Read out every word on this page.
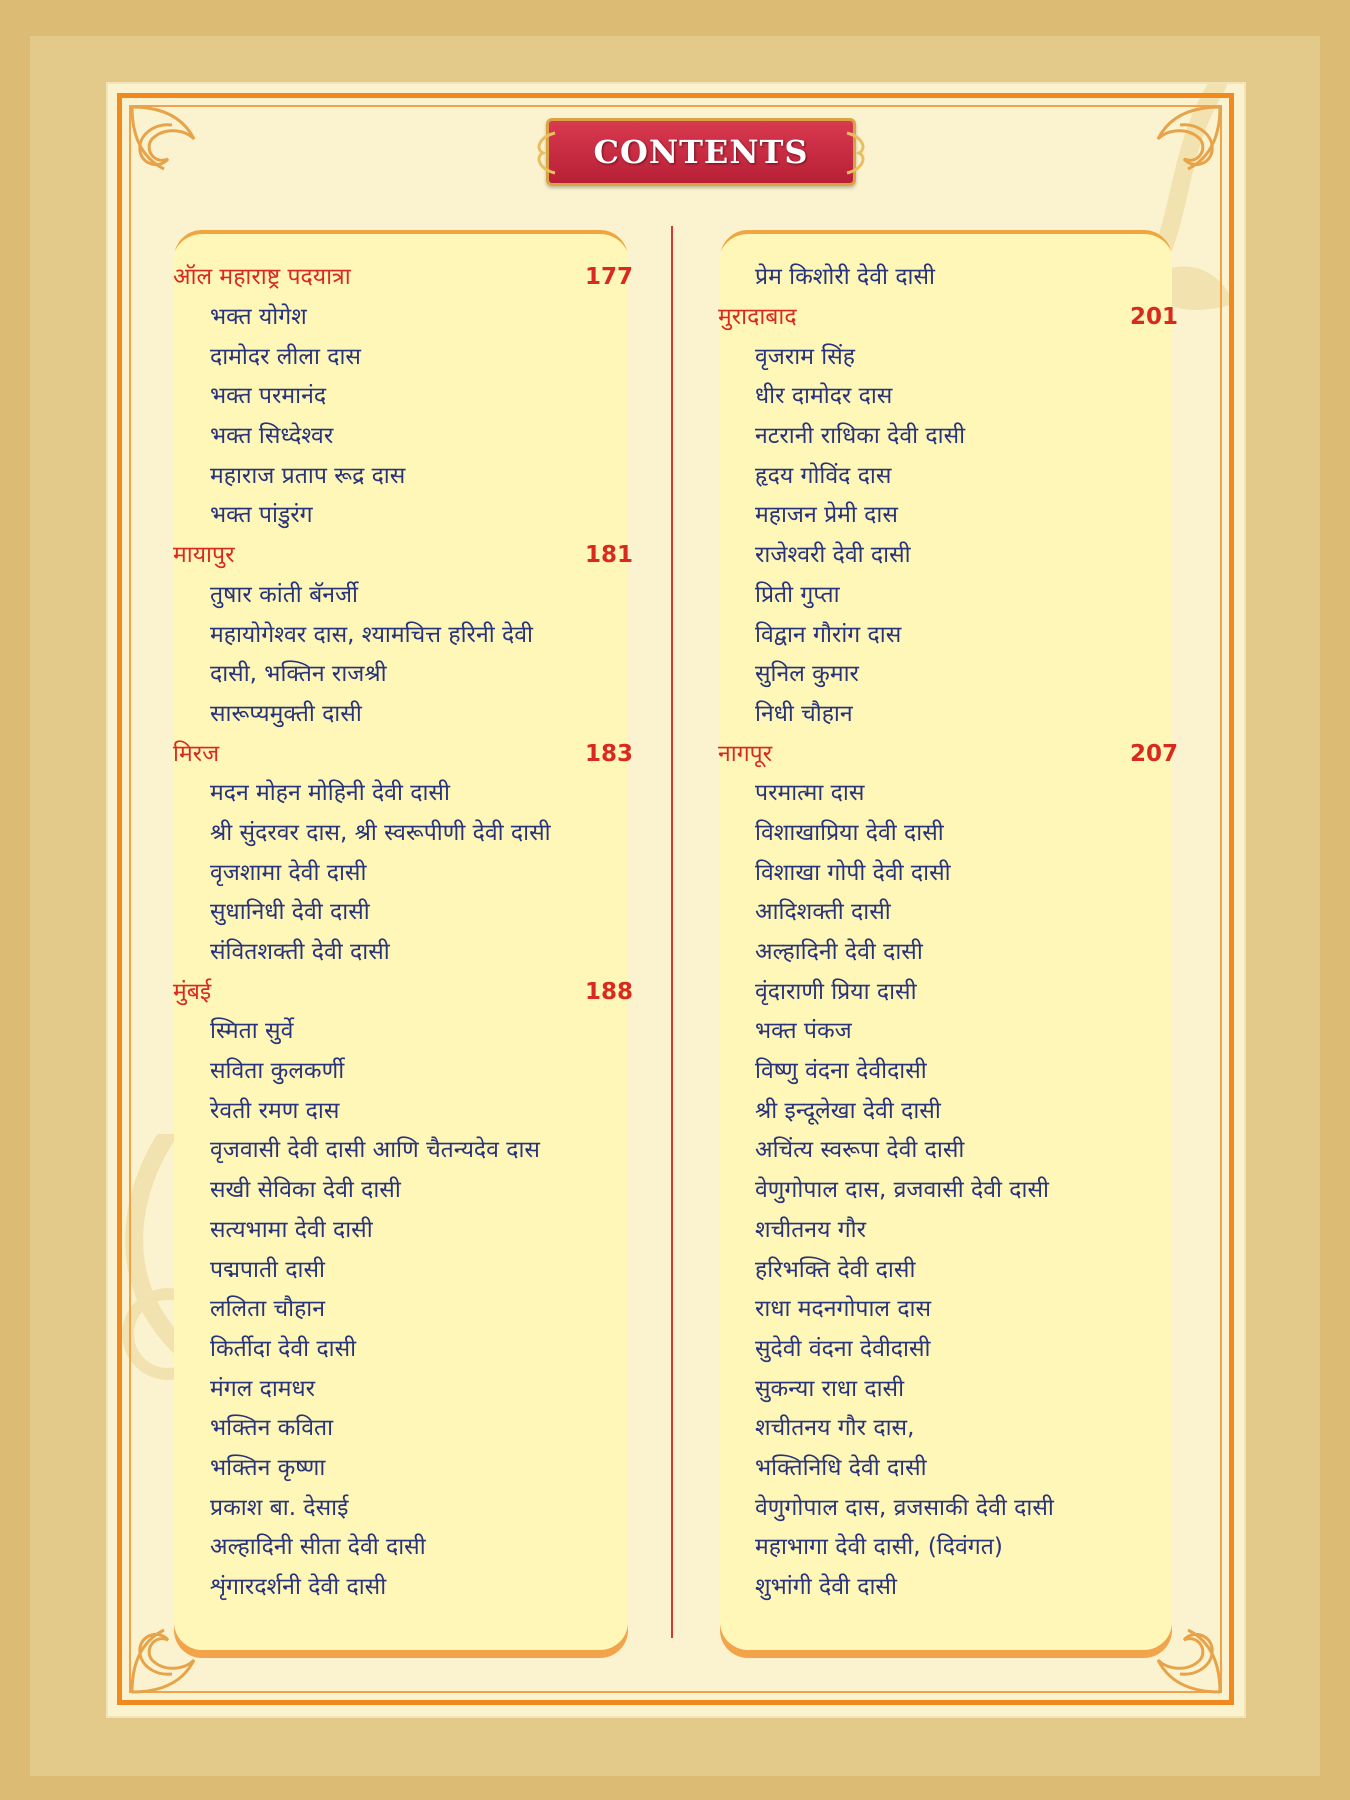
CONTENTS
ऑल महाराष्ट्र पदयात्रा	177
भक्त योगेश
दामोदर लीला दास
भक्त परमानंद
भक्त सिध्देश्वर
महाराज प्रताप रूद्र दास
भक्त पांडुरंग
मायापुर	181
तुषार कांती बॅनर्जी
महायोगेश्वर दास, श्यामचित्त हरिनी देवी
दासी, भक्तिन राजश्री
सारूप्यमुक्ती दासी
मिरज	183
मदन मोहन मोहिनी देवी दासी
श्री सुंदरवर दास, श्री स्वरूपीणी देवी दासी
वृजशामा देवी दासी
सुधानिधी देवी दासी
संवितशक्ती देवी दासी
मुंबई	188
स्मिता सुर्वे
सविता कुलकर्णी
रेवती रमण दास
वृजवासी देवी दासी आणि चैतन्यदेव दास
सखी सेविका देवी दासी
सत्यभामा देवी दासी
पद्मपाती दासी
ललिता चौहान
किर्तीदा देवी दासी
मंगल दामधर
भक्तिन कविता
भक्तिन कृष्णा
प्रकाश बा. देसाई
अल्हादिनी सीता देवी दासी
शृंगारदर्शनी देवी दासी
प्रेम किशोरी देवी दासी
मुरादाबाद	201
वृजराम सिंह
धीर दामोदर दास
नटरानी राधिका देवी दासी
हृदय गोविंद दास
महाजन प्रेमी दास
राजेश्वरी देवी दासी
प्रिती गुप्ता
विद्वान गौरांग दास
सुनिल कुमार
निधी चौहान
नागपूर	207
परमात्मा दास
विशाखाप्रिया देवी दासी
विशाखा गोपी देवी दासी
आदिशक्ती दासी
अल्हादिनी देवी दासी
वृंदाराणी प्रिया दासी
भक्त पंकज
विष्णु वंदना देवीदासी
श्री इन्दूलेखा देवी दासी
अचिंत्य स्वरूपा देवी दासी
वेणुगोपाल दास, व्रजवासी देवी दासी
शचीतनय गौर
हरिभक्ति देवी दासी
राधा मदनगोपाल दास
सुदेवी वंदना देवीदासी
सुकन्या राधा दासी
शचीतनय गौर दास,
भक्तिनिधि देवी दासी
वेणुगोपाल दास, व्रजसाकी देवी दासी
महाभागा देवी दासी, (दिवंगत)
शुभांगी देवी दासी
